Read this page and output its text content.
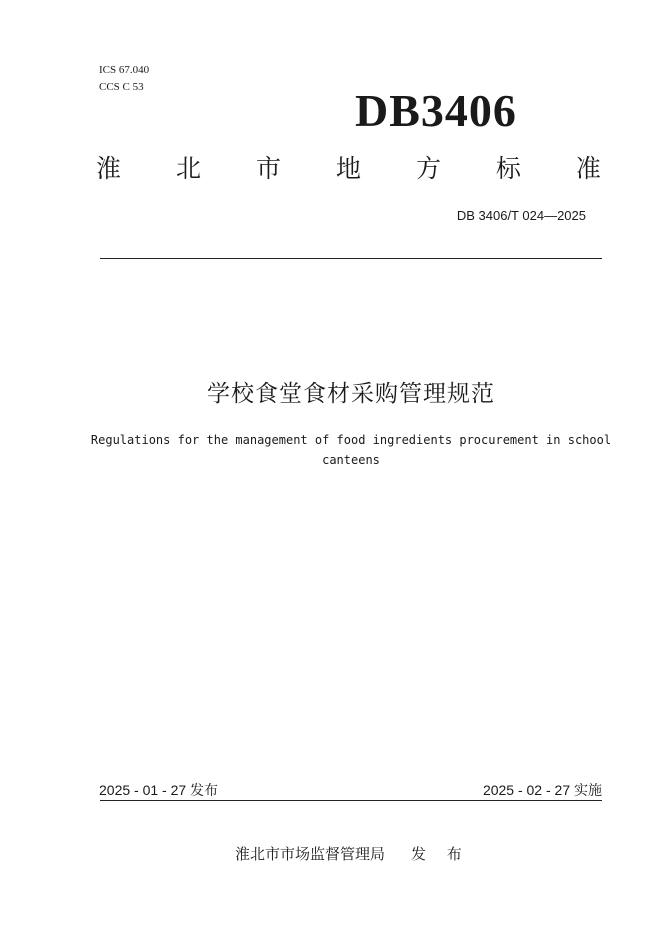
ICS 67.040
CCS C 53	DB3406
淮 北 市 地 方 标 准
DB 3406/T 024—2025
学校食堂食材采购管理规范
Regulations for the management of food ingredients procurement in school canteens
2025 - 01 - 27 发布	2025 - 02 - 27 实施
淮北市市场监督管理局 发 布
